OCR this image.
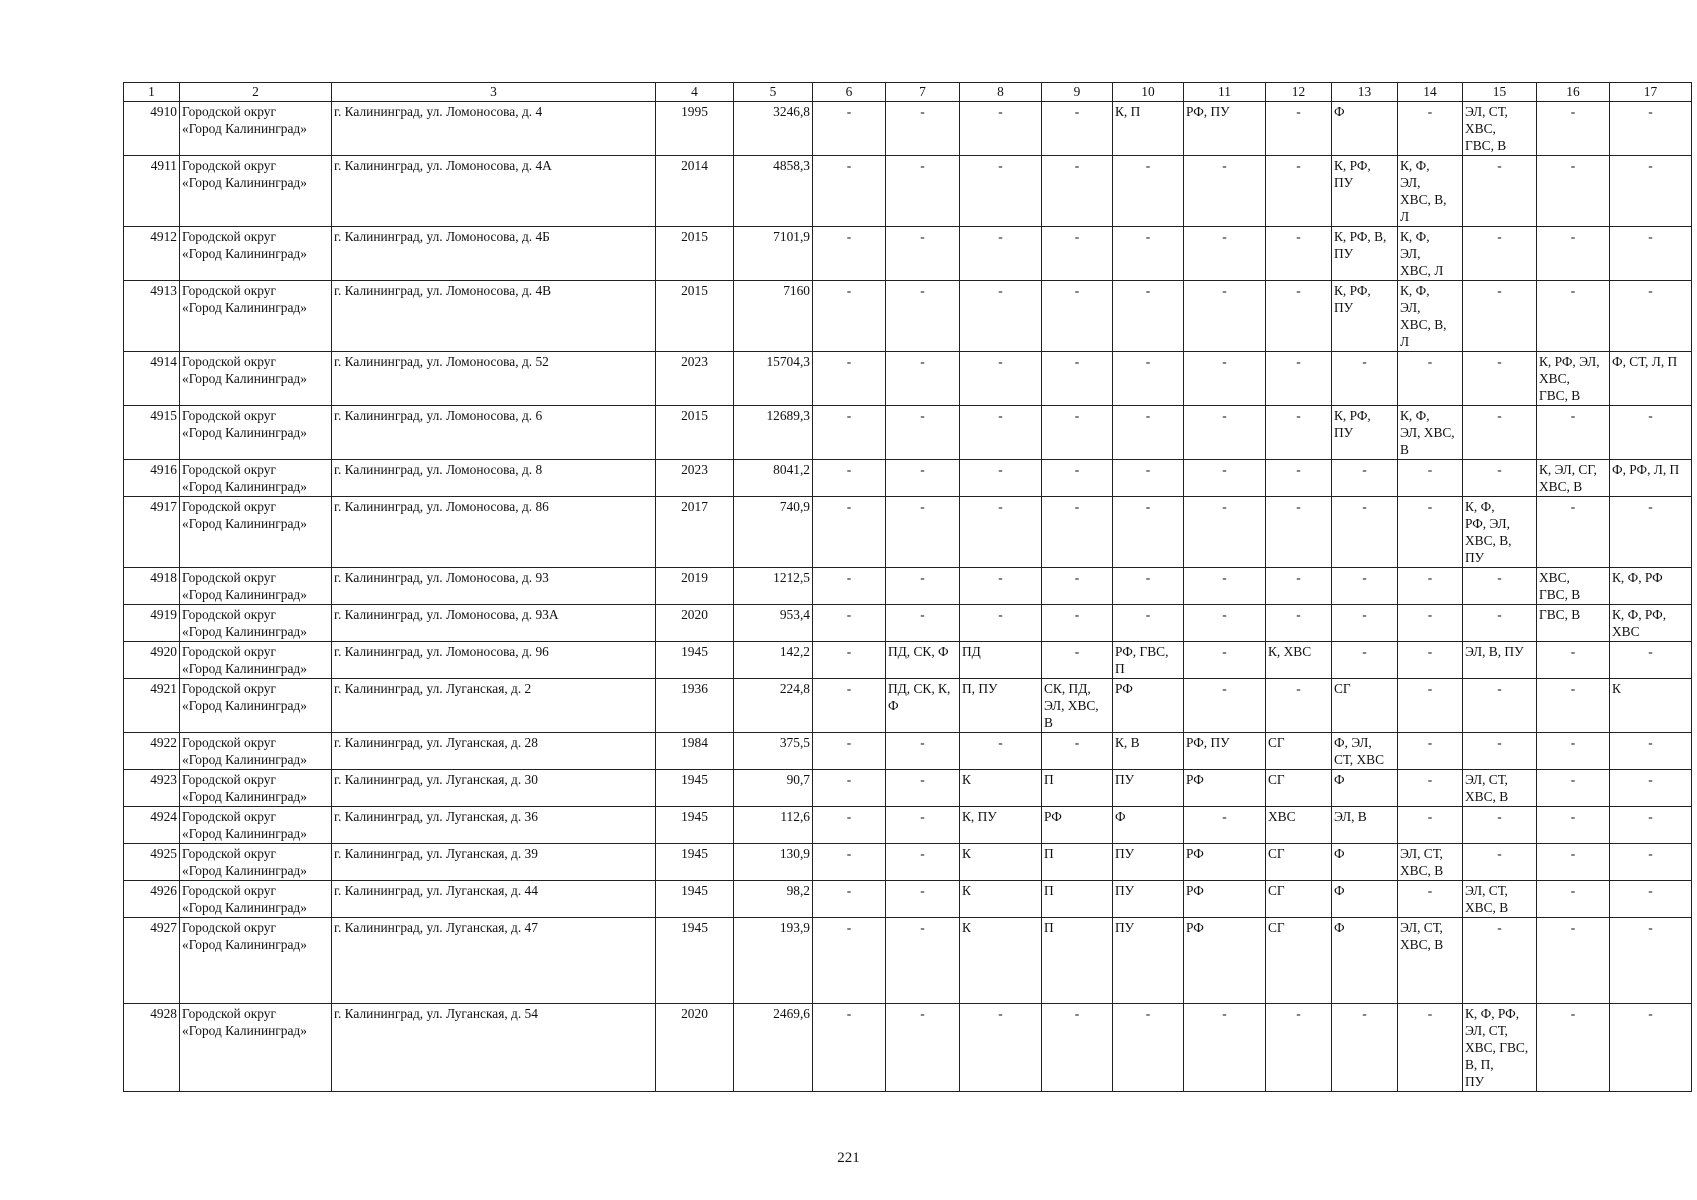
1	2	3	4	5	6	7	8	9	10	11	12	13	14	15	16	17
4910	Городской округ
«Город Калининград»	г. Калининград, ул. Ломоносова, д. 4	1995	3246,8	-	-	-	-	К, П	РФ, ПУ	-	Ф	-	ЭЛ, СТ,
ХВС,
ГВС, В	-	-
4911	Городской округ
«Город Калининград»	г. Калининград, ул. Ломоносова, д. 4А	2014	4858,3	-	-	-	-	-	-	-	К, РФ,
ПУ	К, Ф,
ЭЛ,
ХВС, В,
Л	-	-	-
4912	Городской округ
«Город Калининград»	г. Калининград, ул. Ломоносова, д. 4Б	2015	7101,9	-	-	-	-	-	-	-	К, РФ, В,
ПУ	К, Ф,
ЭЛ,
ХВС, Л	-	-	-
4913	Городской округ
«Город Калининград»	г. Калининград, ул. Ломоносова, д. 4В	2015	7160	-	-	-	-	-	-	-	К, РФ,
ПУ	К, Ф,
ЭЛ,
ХВС, В,
Л	-	-	-
4914	Городской округ
«Город Калининград»	г. Калининград, ул. Ломоносова, д. 52	2023	15704,3	-	-	-	-	-	-	-	-	-	-	К, РФ, ЭЛ,
ХВС,
ГВС, В	Ф, СТ, Л, П
4915	Городской округ
«Город Калининград»	г. Калининград, ул. Ломоносова, д. 6	2015	12689,3	-	-	-	-	-	-	-	К, РФ,
ПУ	К, Ф,
ЭЛ, ХВС,
В	-	-	-
4916	Городской округ
«Город Калининград»	г. Калининград, ул. Ломоносова, д. 8	2023	8041,2	-	-	-	-	-	-	-	-	-	-	К, ЭЛ, СГ,
ХВС, В	Ф, РФ, Л, П
4917	Городской округ
«Город Калининград»	г. Калининград, ул. Ломоносова, д. 86	2017	740,9	-	-	-	-	-	-	-	-	-	К, Ф,
РФ, ЭЛ,
ХВС, В,
ПУ	-	-
4918	Городской округ
«Город Калининград»	г. Калининград, ул. Ломоносова, д. 93	2019	1212,5	-	-	-	-	-	-	-	-	-	-	ХВС,
ГВС, В	К, Ф, РФ
4919	Городской округ
«Город Калининград»	г. Калининград, ул. Ломоносова, д. 93А	2020	953,4	-	-	-	-	-	-	-	-	-	-	ГВС, В	К, Ф, РФ,
ХВС
4920	Городской округ
«Город Калининград»	г. Калининград, ул. Ломоносова, д. 96	1945	142,2	-	ПД, СК, Ф	ПД	-	РФ, ГВС,
П	-	К, ХВС	-	-	ЭЛ, В, ПУ	-	-
4921	Городской округ
«Город Калининград»	г. Калининград, ул. Луганская, д. 2	1936	224,8	-	ПД, СК, К,
Ф	П, ПУ	СК, ПД,
ЭЛ, ХВС,
В	РФ	-	-	СГ	-	-	-	К
4922	Городской округ
«Город Калининград»	г. Калининград, ул. Луганская, д. 28	1984	375,5	-	-	-	-	К, В	РФ, ПУ	СГ	Ф, ЭЛ,
СТ, ХВС	-	-	-	-
4923	Городской округ
«Город Калининград»	г. Калининград, ул. Луганская, д. 30	1945	90,7	-	-	К	П	ПУ	РФ	СГ	Ф	-	ЭЛ, СТ,
ХВС, В	-	-
4924	Городской округ
«Город Калининград»	г. Калининград, ул. Луганская, д. 36	1945	112,6	-	-	К, ПУ	РФ	Ф	-	ХВС	ЭЛ, В	-	-	-	-
4925	Городской округ
«Город Калининград»	г. Калининград, ул. Луганская, д. 39	1945	130,9	-	-	К	П	ПУ	РФ	СГ	Ф	ЭЛ, СТ,
ХВС, В	-	-	-
4926	Городской округ
«Город Калининград»	г. Калининград, ул. Луганская, д. 44	1945	98,2	-	-	К	П	ПУ	РФ	СГ	Ф	-	ЭЛ, СТ,
ХВС, В	-	-
4927	Городской округ
«Город Калининград»	г. Калининград, ул. Луганская, д. 47	1945	193,9	-	-	К	П	ПУ	РФ	СГ	Ф	ЭЛ, СТ,
ХВС, В	-	-	-
4928	Городской округ
«Город Калининград»	г. Калининград, ул. Луганская, д. 54	2020	2469,6	-	-	-	-	-	-	-	-	-	К, Ф, РФ,
ЭЛ, СТ,
ХВС, ГВС,
В, П,
ПУ	-	-
221
